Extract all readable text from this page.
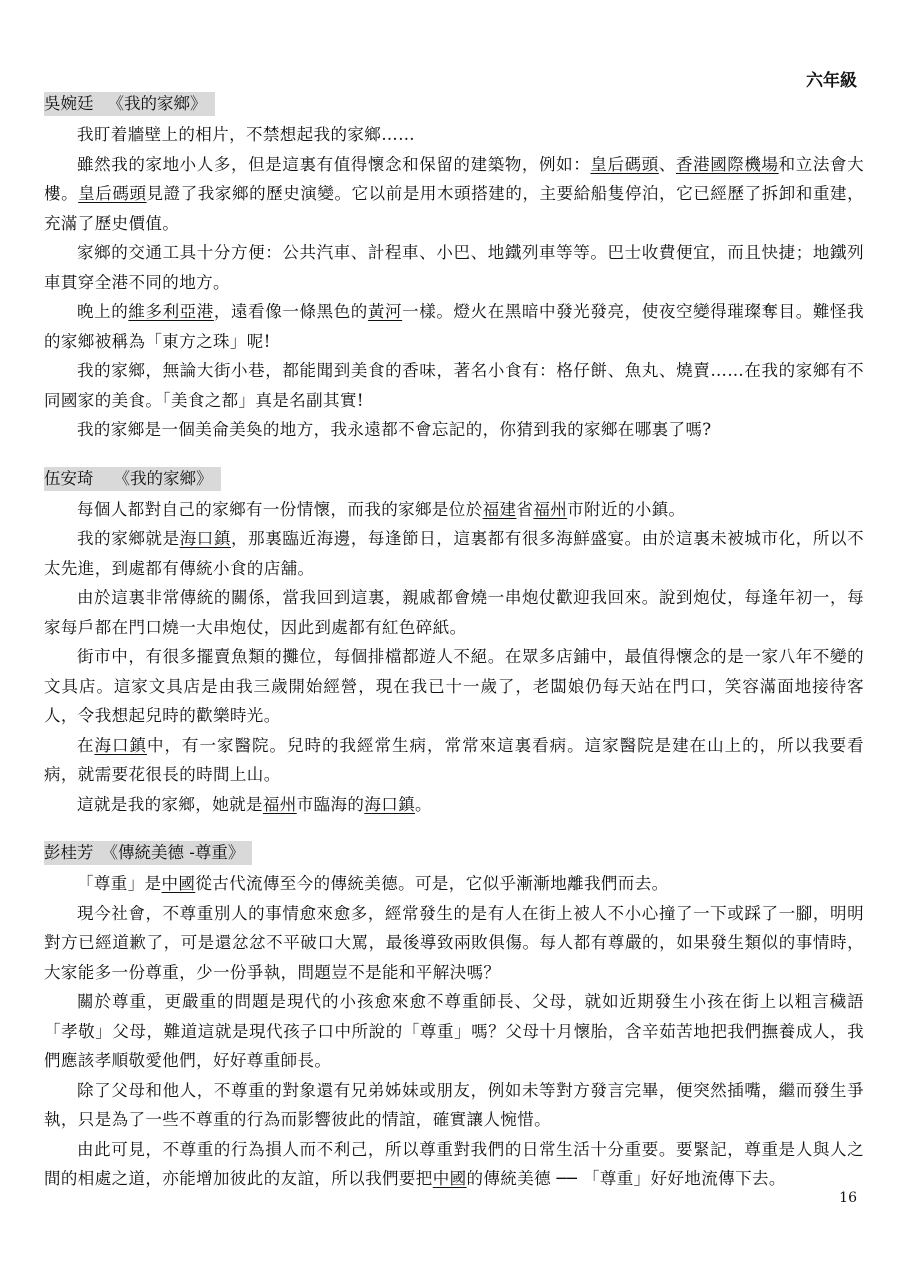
六年級
吳婉廷 《我的家鄉》

我盯着牆壁上的相片，不禁想起我的家鄉……

雖然我的家地小人多，但是這裏有值得懷念和保留的建築物，例如：皇后碼頭、香港國際機場和立法會大樓。皇后碼頭見證了我家鄉的歷史演變。它以前是用木頭搭建的，主要給船隻停泊，它已經歷了拆卸和重建，充滿了歷史價值。

家鄉的交通工具十分方便：公共汽車、計程車、小巴、地鐵列車等等。巴士收費便宜，而且快捷；地鐵列車貫穿全港不同的地方。

晚上的維多利亞港，遠看像一條黑色的黃河一樣。燈火在黑暗中發光發亮，使夜空變得璀璨奪目。難怪我的家鄉被稱為「東方之珠」呢!

我的家鄉，無論大街小巷，都能聞到美食的香味，著名小食有：格仔餅、魚丸、燒賣……在我的家鄉有不同國家的美食。「美食之都」真是名副其實!

我的家鄉是一個美侖美奐的地方，我永遠都不會忘記的，你猜到我的家鄉在哪裏了嗎?

伍安琦 《我的家鄉》

每個人都對自己的家鄉有一份情懷，而我的家鄉是位於福建省福州市附近的小鎮。

我的家鄉就是海口鎮，那裏臨近海邊，每逢節日，這裏都有很多海鮮盛宴。由於這裏未被城市化，所以不太先進，到處都有傳統小食的店舖。

由於這裏非常傳統的關係，當我回到這裏，親戚都會燒一串炮仗歡迎我回來。說到炮仗，每逢年初一，每家每戶都在門口燒一大串炮仗，因此到處都有紅色碎紙。

街市中，有很多擺賣魚類的攤位，每個排檔都遊人不絕。在眾多店鋪中，最值得懷念的是一家八年不變的文具店。這家文具店是由我三歲開始經營，現在我已十一歲了，老闆娘仍每天站在門口，笑容滿面地接待客人，令我想起兒時的歡樂時光。

在海口鎮中，有一家醫院。兒時的我經常生病，常常來這裏看病。這家醫院是建在山上的，所以我要看病，就需要花很長的時間上山。

這就是我的家鄉，她就是福州市臨海的海口鎮。

彭桂芳 《傳統美德 -尊重》

「尊重」是中國從古代流傳至今的傳統美德。可是，它似乎漸漸地離我們而去。

現今社會，不尊重別人的事情愈來愈多，經常發生的是有人在街上被人不小心撞了一下或踩了一腳，明明對方已經道歉了，可是還忿忿不平破口大罵，最後導致兩敗俱傷。每人都有尊嚴的，如果發生類似的事情時，大家能多一份尊重，少一份爭執，問題豈不是能和平解決嗎？

關於尊重，更嚴重的問題是現代的小孩愈來愈不尊重師長、父母，就如近期發生小孩在街上以粗言穢語「孝敬」父母，難道這就是現代孩子口中所說的「尊重」嗎？父母十月懷胎，含辛茹苦地把我們撫養成人，我們應該孝順敬愛他們，好好尊重師長。

除了父母和他人，不尊重的對象還有兄弟姊妹或朋友，例如未等對方發言完畢，便突然插嘴，繼而發生爭執，只是為了一些不尊重的行為而影響彼此的情誼，確實讓人惋惜。

由此可見，不尊重的行為損人而不利己，所以尊重對我們的日常生活十分重要。要緊記，尊重是人與人之間的相處之道，亦能增加彼此的友誼，所以我們要把中國的傳統美德 ── 「尊重」好好地流傳下去。

16
